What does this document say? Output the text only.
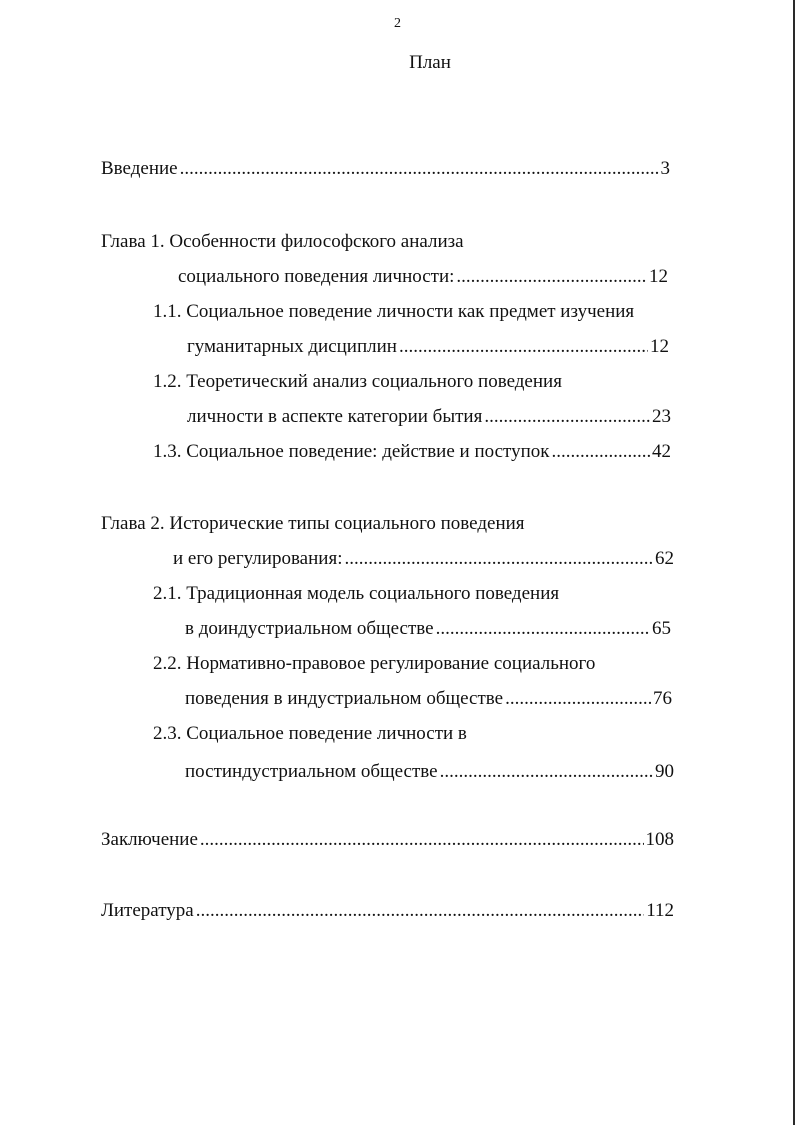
2
План
Введение .....	3
Глава 1. Особенности философского анализа
социального поведения личности: .....	12
1.1. Социальное поведение личности как предмет изучения
гуманитарных дисциплин .....	12
1.2. Теоретический анализ социального поведения
личности в аспекте категории бытия .....	23
1.3. Социальное поведение: действие и поступок .....	42
Глава 2. Исторические типы социального поведения
и его регулирования: .....	62
2.1. Традиционная модель социального поведения
в доиндустриальном обществе .....	65
2.2. Нормативно-правовое регулирование социального
поведения в индустриальном обществе .....	76
2.3. Социальное поведение личности в
постиндустриальном обществе .....	90
Заключение .....	108
Литература .....	112
